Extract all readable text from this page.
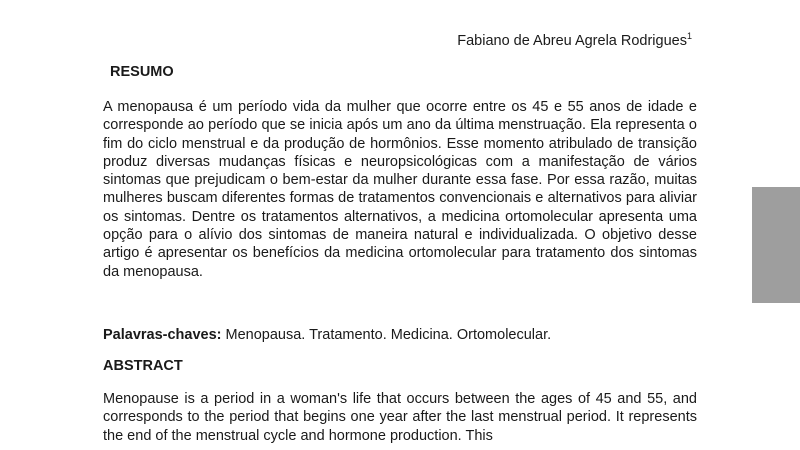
Fabiano de Abreu Agrela Rodrigues$^1$
RESUMO

A menopausa é um período vida da mulher que ocorre entre os 45 e 55 anos de idade e corresponde ao período que se inicia após um ano da última menstruação. Ela representa o fim do ciclo menstrual e da produção de hormônios. Esse momento atribulado de transição produz diversas mudanças físicas e neuropsicológicas com a manifestação de vários sintomas que prejudicam o bem-estar da mulher durante essa fase. Por essa razão, muitas mulheres buscam diferentes formas de tratamentos convencionais e alternativos para aliviar os sintomas. Dentre os tratamentos alternativos, a medicina ortomolecular apresenta uma opção para o alívio dos sintomas de maneira natural e individualizada. O objetivo desse artigo é apresentar os benefícios da medicina ortomolecular para tratamento dos sintomas da menopausa.

Palavras-chaves: Menopausa. Tratamento. Medicina. Ortomolecular.

ABSTRACT

Menopause is a period in a woman's life that occurs between the ages of 45 and 55, and corresponds to the period that begins one year after the last menstrual period. It represents the end of the menstrual cycle and hormone production. This
